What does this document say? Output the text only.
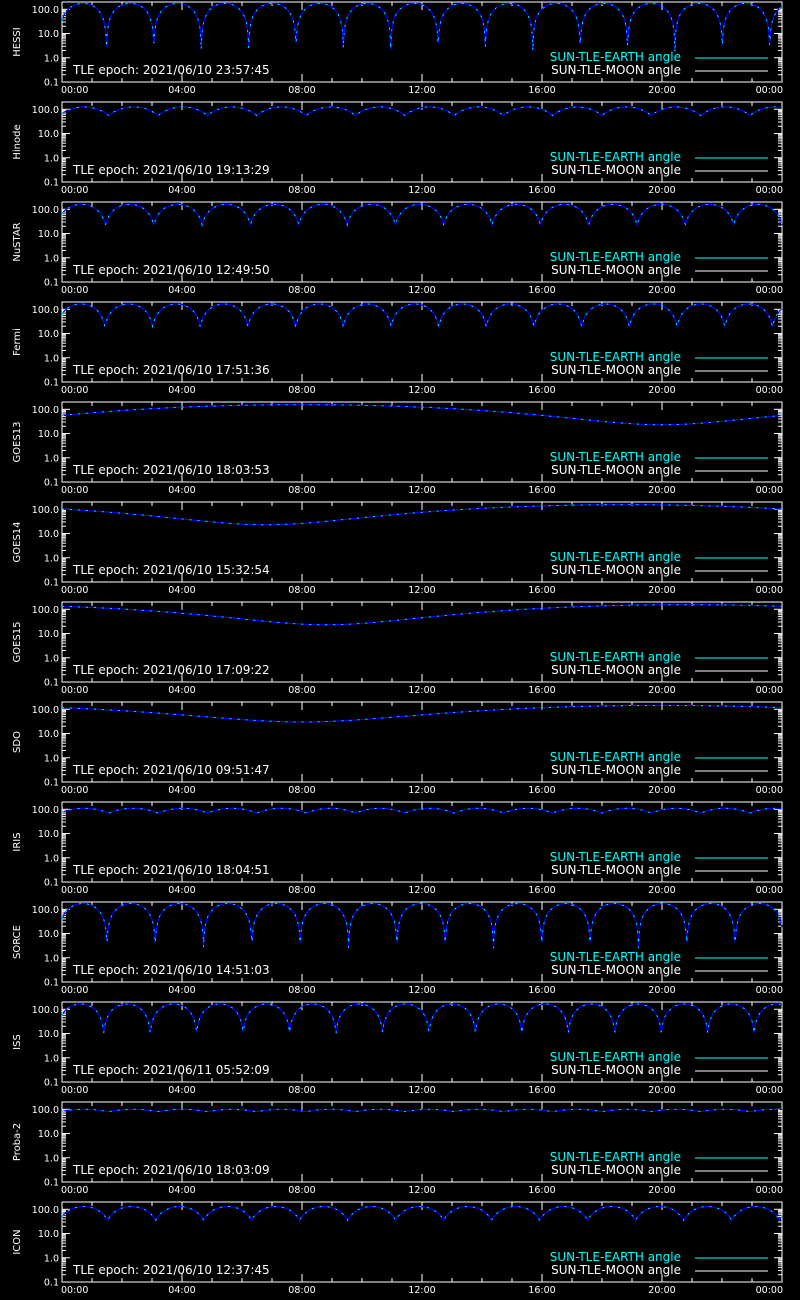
0.1
1.0
10.0
100.0
00:00	04:00	08:00	12:00	16:00	20:00	00:00
HESSI
SUN-TLE-EARTH angle
SUN-TLE-MOON angle
TLE epoch: 2021/06/10 23:57:45
0.1
1.0
10.0
100.0
00:00	04:00	08:00	12:00	16:00	20:00	00:00
Hinode	SUN-TLE-EARTH angle
SUN-TLE-MOON angle
TLE epoch: 2021/06/10 19:13:29
0.1
1.0
10.0
100.0
00:00	04:00	08:00	12:00	16:00	20:00	00:00
NuSTAR	SUN-TLE-EARTH angle
SUN-TLE-MOON angle
TLE epoch: 2021/06/10 12:49:50
0.1
1.0
10.0
100.0
00:00	04:00	08:00	12:00	16:00	20:00	00:00
Fermi
SUN-TLE-EARTH angle
SUN-TLE-MOON angle
TLE epoch: 2021/06/10 17:51:36
0.1
1.0
10.0
100.0
00:00	04:00	08:00	12:00	16:00	20:00	00:00
GOES13	SUN-TLE-EARTH angle
SUN-TLE-MOON angle
TLE epoch: 2021/06/10 18:03:53
0.1
1.0
10.0
100.0
00:00	04:00	08:00	12:00	16:00	20:00	00:00
GOES14	SUN-TLE-EARTH angle
SUN-TLE-MOON angle
TLE epoch: 2021/06/10 15:32:54
0.1
1.0
10.0
100.0
00:00	04:00	08:00	12:00	16:00	20:00	00:00
GOES15	SUN-TLE-EARTH angle
SUN-TLE-MOON angle
TLE epoch: 2021/06/10 17:09:22
0.1
1.0
10.0
100.0
00:00	04:00	08:00	12:00	16:00	20:00	00:00
SDO
SUN-TLE-EARTH angle
SUN-TLE-MOON angle
TLE epoch: 2021/06/10 09:51:47
0.1
1.0
10.0
100.0
00:00	04:00	08:00	12:00	16:00	20:00	00:00
IRIS
SUN-TLE-EARTH angle
SUN-TLE-MOON angle
TLE epoch: 2021/06/10 18:04:51
0.1
1.0
10.0
100.0
00:00	04:00	08:00	12:00	16:00	20:00	00:00
SORCE	SUN-TLE-EARTH angle
SUN-TLE-MOON angle
TLE epoch: 2021/06/10 14:51:03
0.1
1.0
10.0
100.0
00:00	04:00	08:00	12:00	16:00	20:00	00:00
ISS
SUN-TLE-EARTH angle
SUN-TLE-MOON angle
TLE epoch: 2021/06/11 05:52:09
0.1
1.0
10.0
100.0
00:00	04:00	08:00	12:00	16:00	20:00	00:00
Proba-2	SUN-TLE-EARTH angle
SUN-TLE-MOON angle
TLE epoch: 2021/06/10 18:03:09
0.1
1.0
10.0
100.0
00:00	04:00	08:00	12:00	16:00	20:00	00:00
ICON
SUN-TLE-EARTH angle
SUN-TLE-MOON angle
TLE epoch: 2021/06/10 12:37:45
